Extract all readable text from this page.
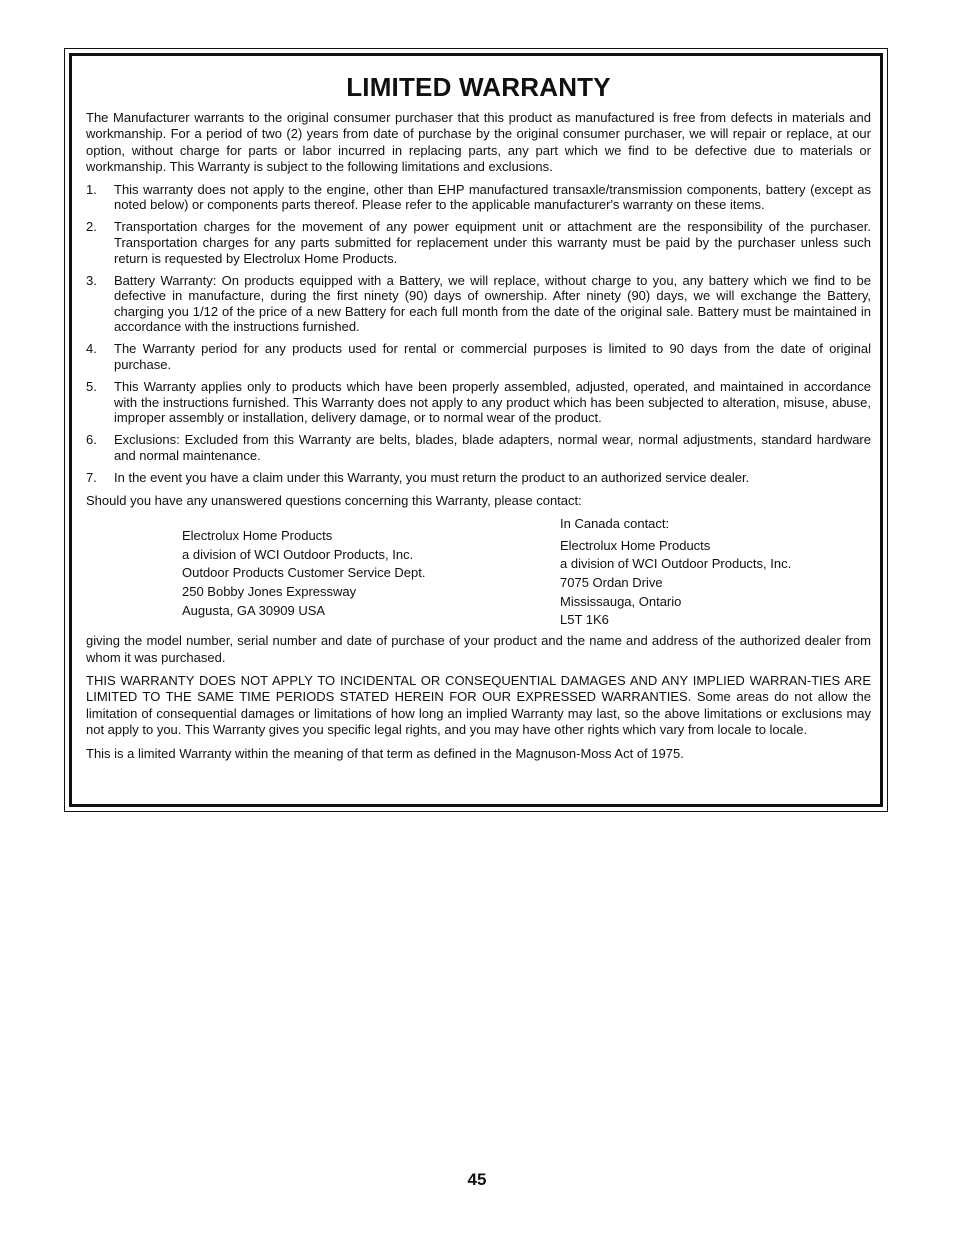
LIMITED WARRANTY

The Manufacturer warrants to the original consumer purchaser that this product as manufactured is free from defects in materials and workmanship. For a period of two (2) years from date of purchase by the original consumer purchaser, we will repair or replace, at our option, without charge for parts or labor incurred in replacing parts, any part which we find to be defective due to materials or workmanship. This Warranty is subject to the following limitations and exclusions.

1.	This warranty does not apply to the engine, other than EHP manufactured transaxle/transmission components, battery (except as noted below) or components parts thereof. Please refer to the applicable manufacturer's warranty on these items.
2.	Transportation charges for the movement of any power equipment unit or attachment are the responsibility of the purchaser. Transportation charges for any parts submitted for replacement under this warranty must be paid by the purchaser unless such return is requested by Electrolux Home Products.
3.	Battery Warranty: On products equipped with a Battery, we will replace, without charge to you, any battery which we find to be defective in manufacture, during the first ninety (90) days of ownership. After ninety (90) days, we will exchange the Battery, charging you 1/12 of the price of a new Battery for each full month from the date of the original sale. Battery must be maintained in accordance with the instructions furnished.
4.	The Warranty period for any products used for rental or commercial purposes is limited to 90 days from the date of original purchase.
5.	This Warranty applies only to products which have been properly assembled, adjusted, operated, and maintained in accordance with the instructions furnished. This Warranty does not apply to any product which has been subjected to alteration, misuse, abuse, improper assembly or installation, delivery damage, or to normal wear of the product.
6.	Exclusions: Excluded from this Warranty are belts, blades, blade adapters, normal wear, normal adjustments, standard hardware and normal maintenance.
7.	In the event you have a claim under this Warranty, you must return the product to an authorized service dealer.

Should you have any unanswered questions concerning this Warranty, please contact:

Electrolux Home Products
a division of WCI Outdoor Products, Inc.
Outdoor Products Customer Service Dept.
250 Bobby Jones Expressway
Augusta, GA 30909 USA
In Canada contact:
Electrolux Home Products
a division of WCI Outdoor Products, Inc.
7075 Ordan Drive
Mississauga, Ontario
L5T 1K6

giving the model number, serial number and date of purchase of your product and the name and address of the authorized dealer from whom it was purchased.

THIS WARRANTY DOES NOT APPLY TO INCIDENTAL OR CONSEQUENTIAL DAMAGES AND ANY IMPLIED WARRAN-TIES ARE LIMITED TO THE SAME TIME PERIODS STATED HEREIN FOR OUR EXPRESSED WARRANTIES. Some areas do not allow the limitation of consequential damages or limitations of how long an implied Warranty may last, so the above limitations or exclusions may not apply to you. This Warranty gives you specific legal rights, and you may have other rights which vary from locale to locale.

This is a limited Warranty within the meaning of that term as defined in the Magnuson-Moss Act of 1975.

45
